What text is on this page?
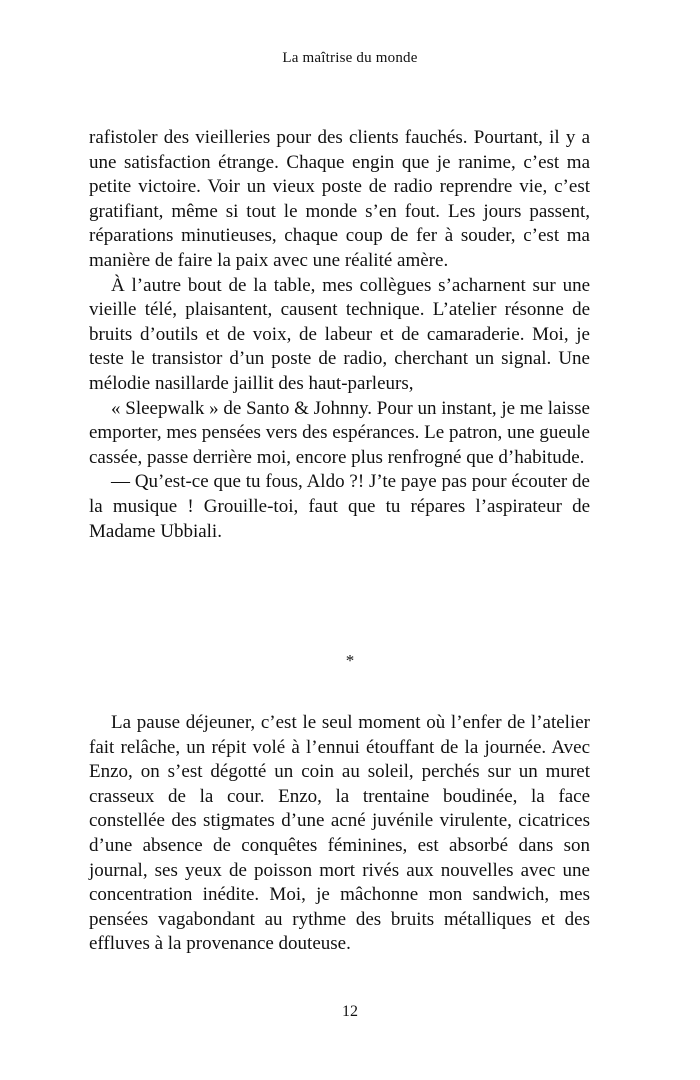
La maîtrise du monde

rafistoler des vieilleries pour des clients fauchés. Pourtant, il y a une satisfaction étrange. Chaque engin que je ranime, c’est ma petite victoire. Voir un vieux poste de radio reprendre vie, c’est gratifiant, même si tout le monde s’en fout. Les jours passent, réparations minutieuses, chaque coup de fer à souder, c’est ma manière de faire la paix avec une réalité amère.

À l’autre bout de la table, mes collègues s’acharnent sur une vieille télé, plaisantent, causent technique. L’atelier résonne de bruits d’outils et de voix, de labeur et de camaraderie. Moi, je teste le transistor d’un poste de radio, cherchant un signal. Une mélodie nasillarde jaillit des haut-parleurs,

« Sleepwalk » de Santo & Johnny. Pour un instant, je me laisse emporter, mes pensées vers des espérances. Le patron, une gueule cassée, passe derrière moi, encore plus renfrogné que d’habitude.

— Qu’est-ce que tu fous, Aldo ?! J’te paye pas pour écouter de la musique ! Grouille-toi, faut que tu répares l’aspirateur de Madame Ubbiali.

*

La pause déjeuner, c’est le seul moment où l’enfer de l’atelier fait relâche, un répit volé à l’ennui étouffant de la journée. Avec Enzo, on s’est dégotté un coin au soleil, perchés sur un muret crasseux de la cour. Enzo, la trentaine boudinée, la face constellée des stigmates d’une acné juvénile virulente, cicatrices d’une absence de conquêtes féminines, est absorbé dans son journal, ses yeux de poisson mort rivés aux nouvelles avec une concentration inédite. Moi, je mâchonne mon sandwich, mes pensées vagabondant au rythme des bruits métalliques et des effluves à la provenance douteuse.

12
